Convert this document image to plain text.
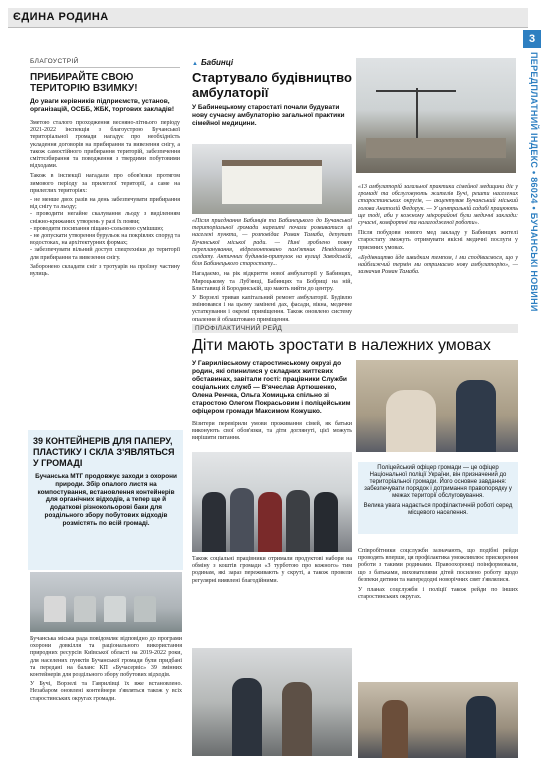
ЄДИНА РОДИНА
3
ПЕРЕДПЛАТНИЙ ІНДЕКС • 86024 • БУЧАНСЬКІ НОВИНИ
БЛАГОУСТРІЙ
ПРИБИРАЙТЕ СВОЮ ТЕРИТОРІЮ ВЗИМКУ!
До уваги керівників підприємств, установ, організацій, ОСББ, ЖБК, торгових закладів!
Зметою сталого проходження весняно-літнього періоду 2021-2022 інспекція з благоустрою Бучанської територіальної громади нагадує про необхідність укладення договорів на прибирання та вивезення снігу, а також самостійного прибирання територій, забезпечення сміттєзбирання та поводження з твердими побутовими відходами.
Також в інспекції нагадали про обов'язки протягом зимового періоду за прилеглої території, а саме на прилеглих територіях:
- не менше двох разів на день забезпечувати прибирання від снігу та льоду;
- проводити негайне скалування льоду з виділенням сніжно-крижаних утворень у разі їх появи;
- проводити посипання піщано-сольовою сумішшю;
- не допускати утворення бурульок на покрівлях споруд та водостоках, на архітектурних формах;
- забезпечувати вільний доступ спецтехніки до території для прибирання та вивезення снігу.
Заборонено складати сніг з тротуарів на проїзну частину вулиць.
39 КОНТЕЙНЕРІВ ДЛЯ ПАПЕРУ, ПЛАСТИКУ І СКЛА З'ЯВЛЯТЬСЯ У ГРОМАДІ
Бучанська МТГ продовжує заходи з охорони природи. Збір опалого листя на компостування, встановлення контейнерів для органічних відходів, а тепер ще й додаткові різнокольорові баки для роздільного збору побутових відходів розмістять по всій громаді.
Бучанська міська рада повідомляє відповідно до програми охорони довкілля та раціонального використання природних ресурсів Київської області на 2019-2022 роки, для населених пунктів Бучанської громади були придбані та передані на баланс КП «Бучасервіс» 39 змінних контейнерів для роздільного збору побутових відходів.
У Бучі, Ворзелі та Гаврилівці їх вже встановлено. Незабаром оновлені контейнери з'являться також у всіх старостинських округах громади.
▲ Бабинці
Стартувало будівництво амбулаторії
У Бабинецькому старостаті почали будувати нову сучасну амбулаторію загальної практики сімейної медицини.
«Після приєднання Бабинців та Бабинецького до Бучанської територіальної громади нарешті почали розвиватися ці населені пункти, — розповідає Роман Тамаба, депутат Бучанської міської ради. — Нині зроблено повну перепланування, відремонтовано пам'ятник Невідомому солдату. Античних будинків-притулок на вулиці Заводській, біля Бабинецького старостату...
Нагадаємо, на рік відкриття нової амбулаторії у Бабинцях, Мироцькому та Луб'янці, Бабинцях та Бобриці на ній, Блиставиці й Бородянській, що мають вийти до центру.
У Ворзелі тривав капітальний ремонт амбулаторії. Будівлю змінювався і на цьому замінені дах, фасади, вікна, медичне устаткування і окремі приміщення. Також оновлено систему опалення й облаштовано приміщення.
«13 амбулаторій загальної практики сімейної медицини діє у громаді та обслуговують жителів Бучі, решти населених старостинських округів, — акцентував Бучанський міський голова Анатолій Федорук. — У центральній садибі працюють ще тоді, аби у кожному мікрорайоні були медичні заклади: сучасні, комфортні та налагодженої роботи».
Після побудови нового мед закладу у Бабинцях жителі старостату зможуть отримувати якісні медичні послуги у приємних умовах.
«Будівництво йде швидким темпом, і ми сподіваємося, що у найближчий термін ми отримаємо нову амбулаторію», — зазначив Роман Тамаба.
ПРОФІЛАКТИЧНИЙ РЕЙД
Діти мають зростати в належних умовах
У Гаврилівському старостинському окрузі до родин, які опинилися у складних життєвих обставинах, завітали гості: працівники Служби соціальних служб — В'ячеслав Артюшенко, Олена Ренчка, Ольга Хомицька спільно зі старостою Олегом Покрасьовим і поліцейським офіцером громади Максимом Кожушко.
Візитери перевірили умови проживання сімей, як батьки виконують свої обов'язки, та діти доглянуті, цієї можуть вирішити питання.
Поліцейський офіцер громади — це офіцер Національної поліції України, він призначений до територіальної громади. Його основне завдання: забезпечувати порядок і дотримання правопорядку у межах території обслуговування.
Велика увага надається профілактичній роботі серед місцевого населення.
Також соціальні працівники отримали продуктові набори на обміну з коштів громади «З турботою про кожного» тим родинам, які зараз переживають у скруті, а також провели регулярні виявлені благодійними.
Співробітники соцслужби зазначають, що подібні рейди проводять вперше, ця профілактика уможливлює прискорення роботи з такими родинами. Правоохоронці поінформовали, що з батьками, вихователями дітей посилено роботу щодо безпеки дитини та напередодні новорічних свят з'являлися.
У планах соцслужби і поліції також рейди по інших старостинських округах.
